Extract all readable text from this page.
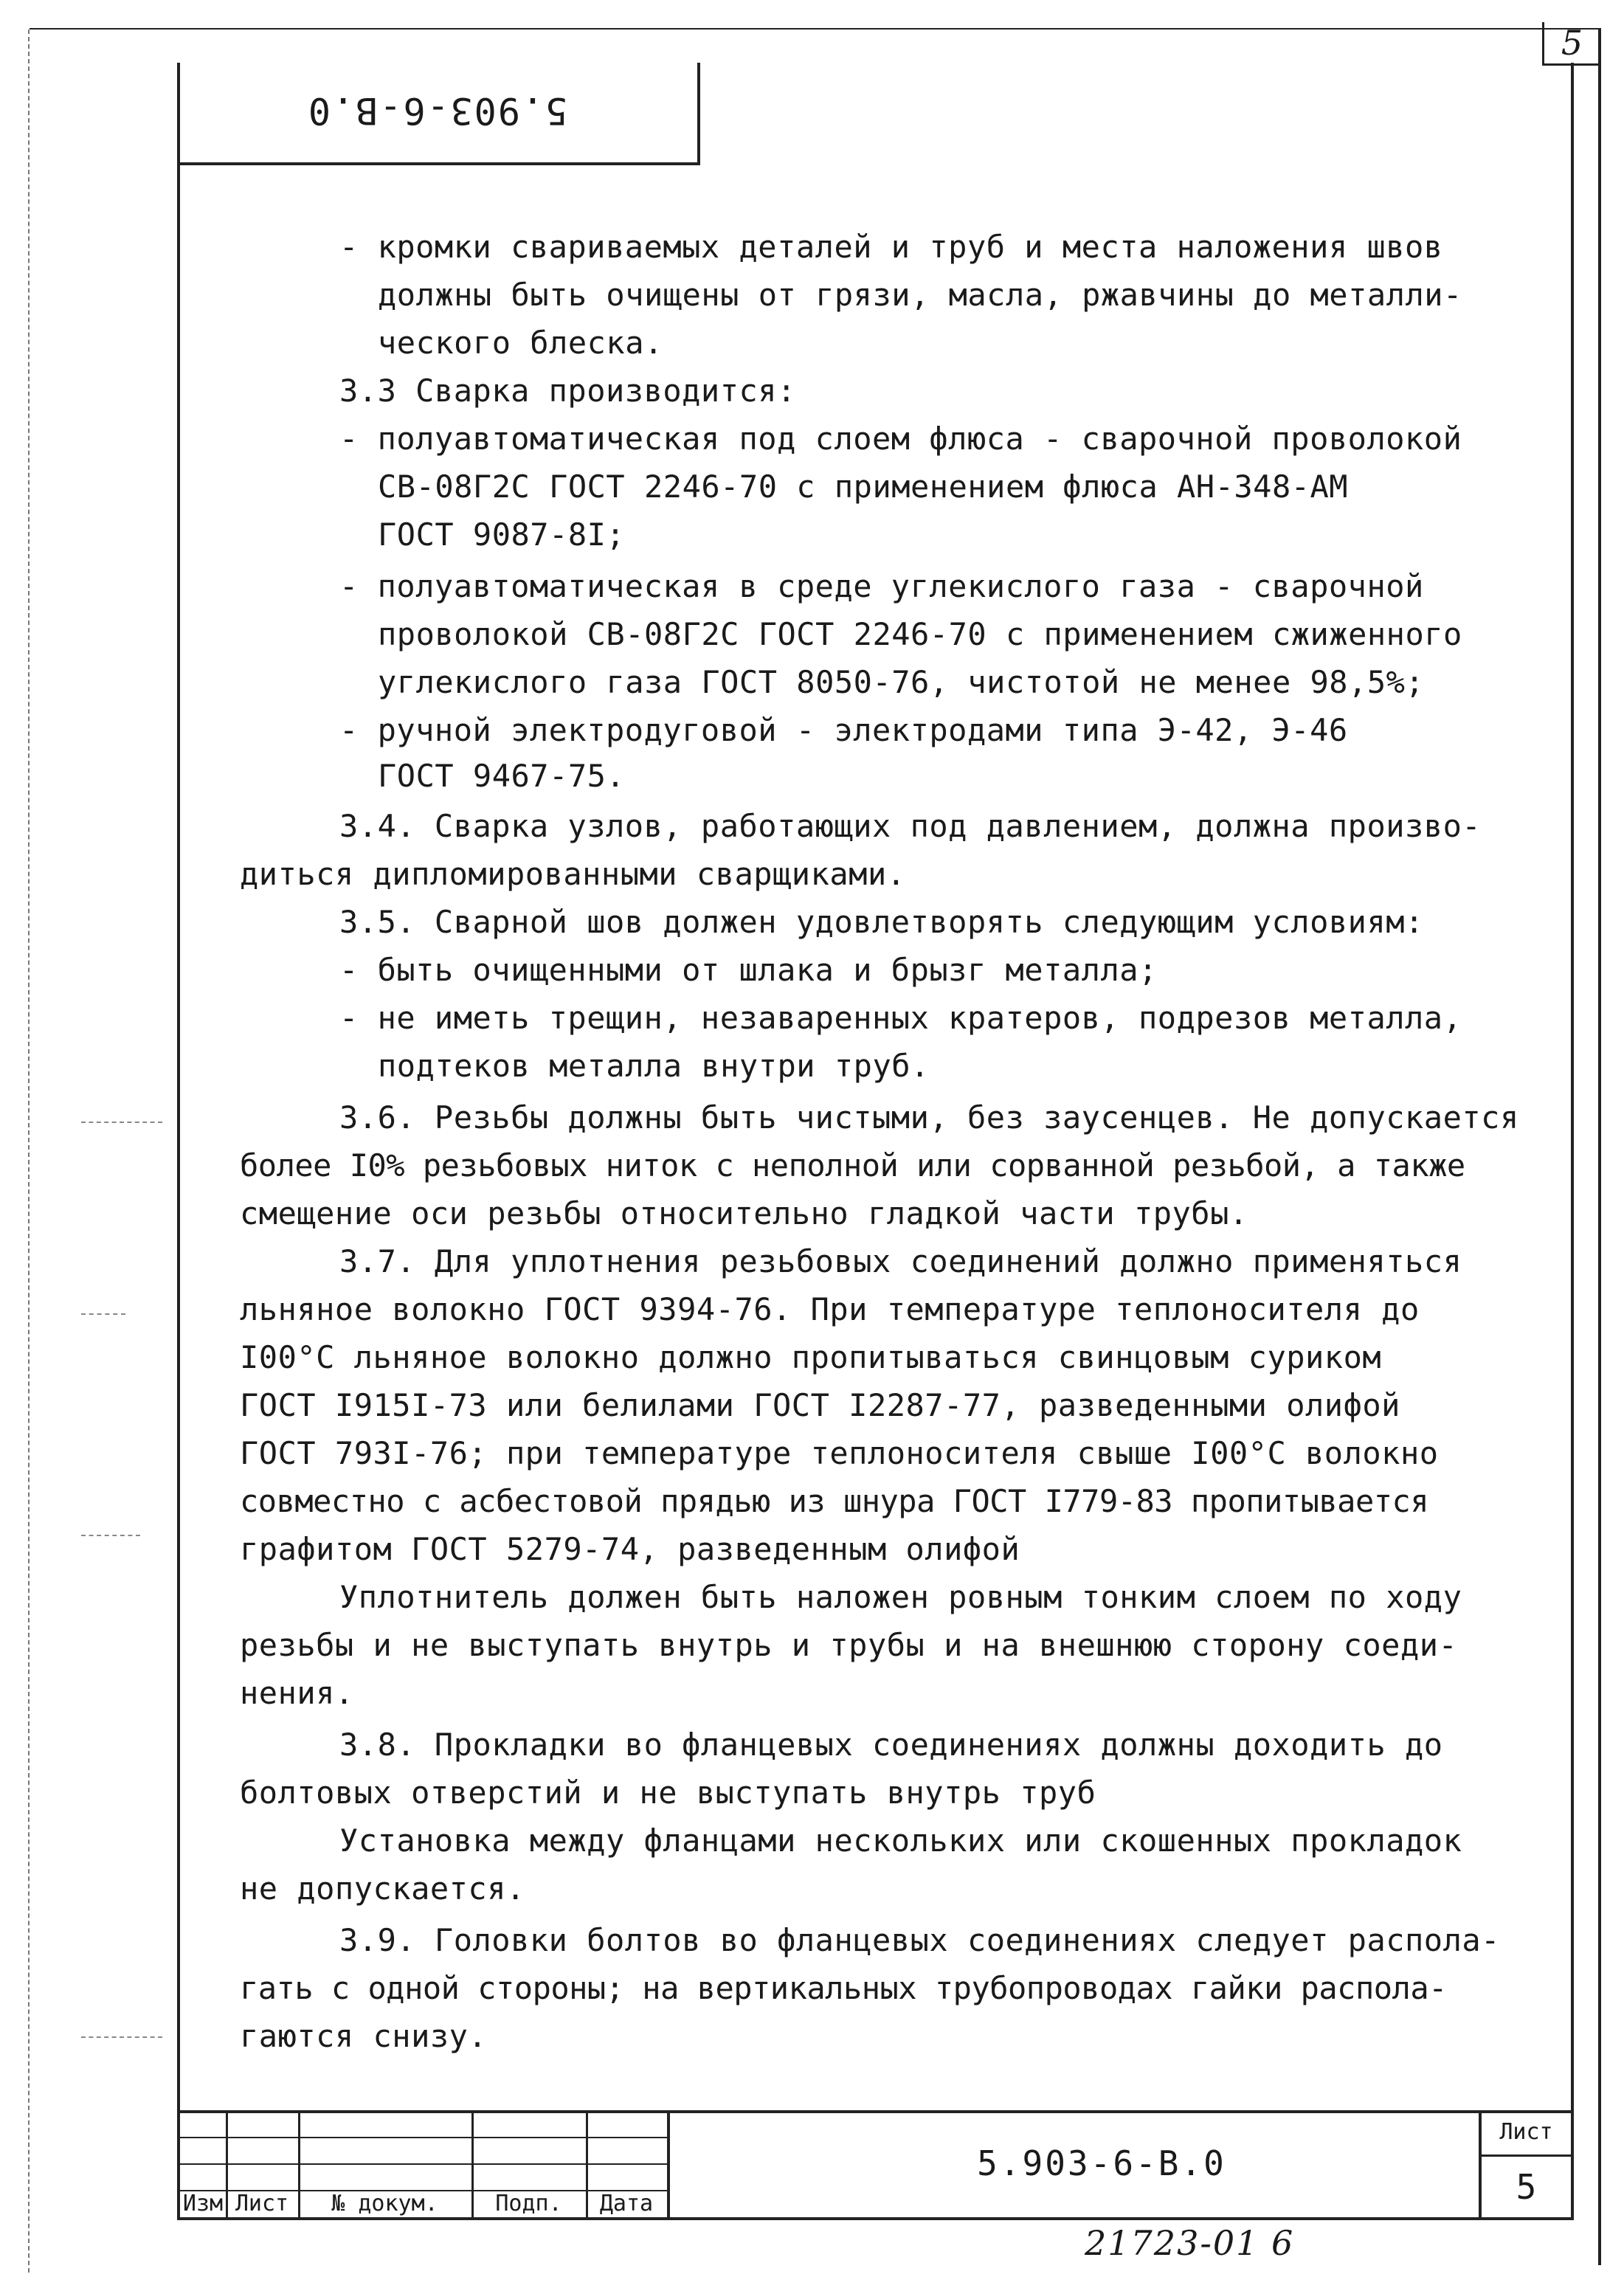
5
5.903-6-B.0
- кромки свариваемых деталей и труб и места наложения швов
должны быть очищены от грязи, масла, ржавчины до металли-
ческого блеска.
3.3 Сварка производится:
- полуавтоматическая под слоем флюса - сварочной проволокой
СВ-08Г2С ГОСТ 2246-70 с применением флюса АН-348-АМ
ГОСТ 9087-8I;
- полуавтоматическая в среде углекислого газа - сварочной
проволокой СВ-08Г2С ГОСТ 2246-70 с применением сжиженного
углекислого газа ГОСТ 8050-76, чистотой не менее 98,5%;
- ручной электродуговой - электродами типа Э-42, Э-46
ГОСТ 9467-75.
3.4. Сварка узлов, работающих под давлением, должна произво-
диться дипломированными сварщиками.
3.5. Сварной шов должен удовлетворять следующим условиям:
- быть очищенными от шлака и брызг металла;
- не иметь трещин, незаваренных кратеров, подрезов металла,
подтеков металла внутри труб.
3.6. Резьбы должны быть чистыми, без заусенцев. Не допускается
более I0% резьбовых ниток с неполной или сорванной резьбой, а также
смещение оси резьбы относительно гладкой части трубы.
3.7. Для уплотнения резьбовых соединений должно применяться
льняное волокно ГОСТ 9394-76. При температуре теплоносителя до
I00°С льняное волокно должно пропитываться свинцовым суриком
ГОСТ I915I-73 или белилами ГОСТ I2287-77, разведенными олифой
ГОСТ 793I-76; при температуре теплоносителя свыше I00°С волокно
совместно с асбестовой прядью из шнура ГОСТ I779-83 пропитывается
графитом ГОСТ 5279-74, разведенным олифой
Уплотнитель должен быть наложен ровным тонким слоем по ходу
резьбы и не выступать внутрь и трубы и на внешнюю сторону соеди-
нения.
3.8. Прокладки во фланцевых соединениях должны доходить до
болтовых отверстий и не выступать внутрь труб
Установка между фланцами нескольких или скошенных прокладок
не допускается.
3.9. Головки болтов во фланцевых соединениях следует распола-
гать с одной стороны; на вертикальных трубопроводах гайки распола-
гаются снизу.
Изм Лист	№ докум.	Подп.	Дата
5.903-6-B.0
Лист
5
21723-01 6
